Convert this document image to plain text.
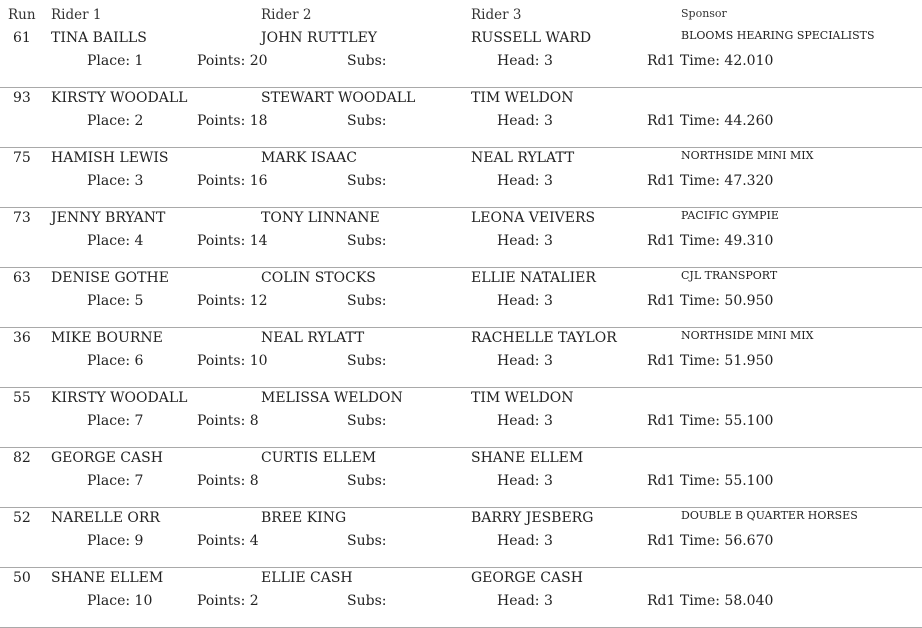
Run Rider 1	Rider 2	Rider 3	Sponsor
61 TINA BAILLS	JOHN RUTTLEY	RUSSELL WARD	BLOOMS HEARING SPECIALISTS
Place: 1	Points: 20	Subs:	Head: 3	Rd1 Time: 42.010
93 KIRSTY WOODALL	STEWART WOODALL	TIM WELDON
Place: 2	Points: 18	Subs:	Head: 3	Rd1 Time: 44.260
75 HAMISH LEWIS	MARK ISAAC	NEAL RYLATT	NORTHSIDE MINI MIX
Place: 3	Points: 16	Subs:	Head: 3	Rd1 Time: 47.320
73 JENNY BRYANT	TONY LINNANE	LEONA VEIVERS	PACIFIC GYMPIE
Place: 4	Points: 14	Subs:	Head: 3	Rd1 Time: 49.310
63 DENISE GOTHE	COLIN STOCKS	ELLIE NATALIER	CJL TRANSPORT
Place: 5	Points: 12	Subs:	Head: 3	Rd1 Time: 50.950
36 MIKE BOURNE	NEAL RYLATT	RACHELLE TAYLOR	NORTHSIDE MINI MIX
Place: 6	Points: 10	Subs:	Head: 3	Rd1 Time: 51.950
55 KIRSTY WOODALL	MELISSA WELDON	TIM WELDON
Place: 7	Points: 8	Subs:	Head: 3	Rd1 Time: 55.100
82 GEORGE CASH	CURTIS ELLEM	SHANE ELLEM
Place: 7	Points: 8	Subs:	Head: 3	Rd1 Time: 55.100
52 NARELLE ORR	BREE KING	BARRY JESBERG	DOUBLE B QUARTER HORSES
Place: 9	Points: 4	Subs:	Head: 3	Rd1 Time: 56.670
50 SHANE ELLEM	ELLIE CASH	GEORGE CASH
Place: 10	Points: 2	Subs:	Head: 3	Rd1 Time: 58.040
